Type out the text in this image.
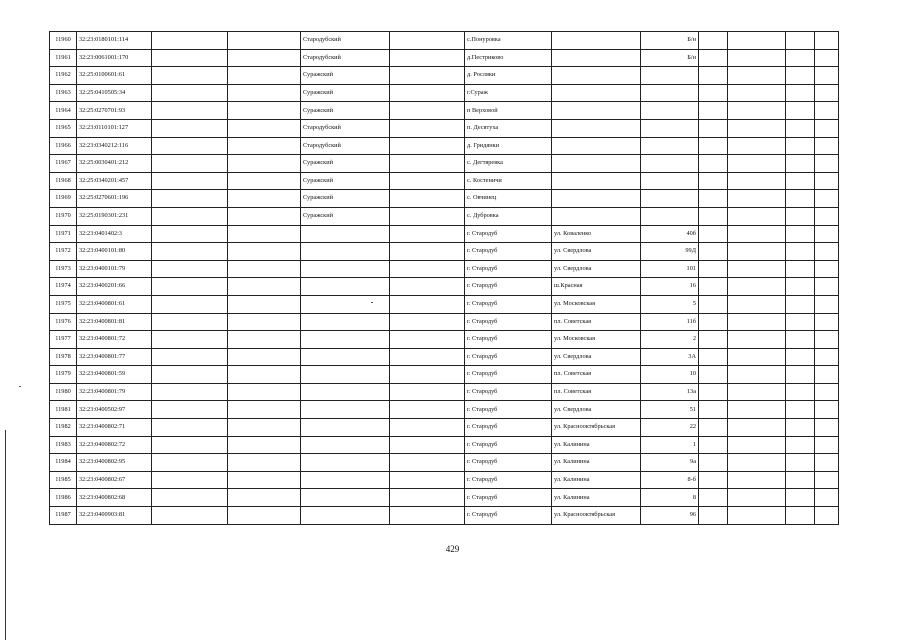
11960	32:23:0180101:114			Стародубский		с.Понуровка		Б/н				
11961	32:23:0061001:170			Стародубский		д.Пестриково		Б/н				
11962	32:25:0100601:61			Суражский		д. Росляки						
11963	32:25:0410505:34			Суражский		г.Сураж						
11964	32:25:0270701:93			Суражский		п Верховой						
11965	32:23:0110101:127			Стародубский		п. Десятуха						
11966	32:23:0340212:116			Стародубский		д. Гридянки						
11967	32:25:0030401:212			Суражский		с. Дегтяревка						
11968	32:25:0340201:457			Суражский		с. Костеничи						
11969	32:25:0270601:196			Суражский		с. Овчинец						
11970	32:25:0190301:231			Суражский		с. Дубровка						
11971	32:23:0401402:3					г. Стародуб	ул. Коваленко	40б				
11972	32:23:0400101:80					г. Стародуб	ул. Свердлова	99Д				
11973	32:23:0400101:79					г. Стародуб	ул. Свердлова	101				
11974	32:23:0400201:66					г. Стародуб	ш.Красная	16				
11975	32:23:0400801:61					г. Стародуб	ул. Московская	5				
11976	32:23:0400801:81					г. Стародуб	пл. Советская	11б				
11977	32:23:0400801:72					г. Стародуб	ул. Московская	2				
11978	32:23:0400801:77					г. Стародуб	ул. Свердлова	3А				
11979	32:23:0400801:59					г. Стародуб	пл. Советская	10				
11980	32:23:0400801:79					г. Стародуб	пл. Советская	13а				
11981	32:23:0400502:97					г. Стародуб	ул. Свердлова	51				
11982	32:23:0400802:71					г. Стародуб	ул. Краснооктябрьская	22				
11983	32:23:0400802:72					г. Стародуб	ул. Калинина	1				
11984	32:23:0400802:95					г. Стародуб	ул. Калинина	9а				
11985	32:23:0400802:67					г. Стародуб	ул. Калинина	8-б				
11986	32:23:0400802:68					г. Стародуб	ул. Калинина	8				
11987	32:23:0400903:81					г. Стародуб	ул. Краснооктябрьская	96				
429
